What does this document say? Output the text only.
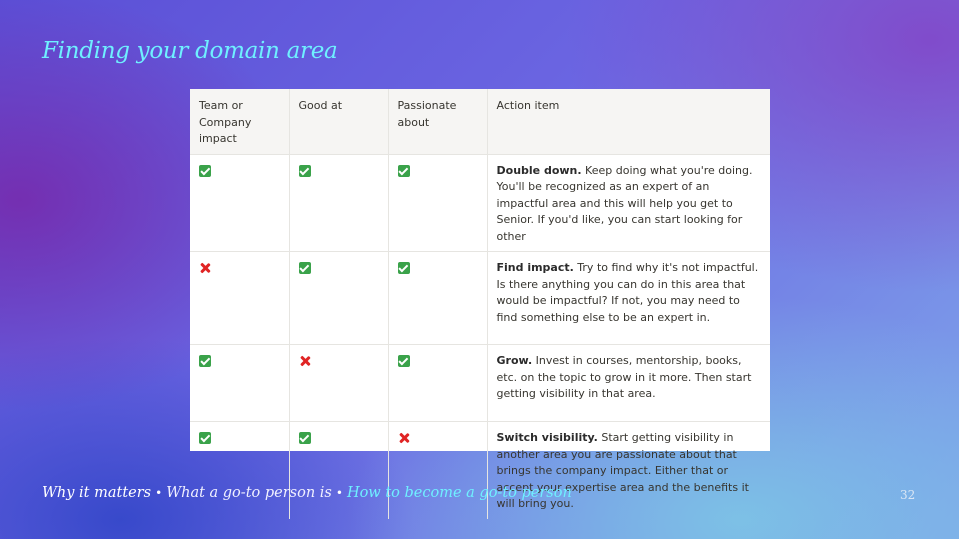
Finding your domain area
Team or Company impact	Good at	Passionate about	Action item
			Double down. Keep doing what you're doing. You'll be recognized as an expert of an impactful area and this will help you get to Senior. If you'd like, you can start looking for other
			Find impact. Try to find why it's not impactful. Is there anything you can do in this area that would be impactful? If not, you may need to find something else to be an expert in.
			Grow. Invest in courses, mentorship, books, etc. on the topic to grow in it more. Then start getting visibility in that area.
			Switch visibility. Start getting visibility in another area you are passionate about that brings the company impact. Either that or accept your expertise area and the benefits it will bring you.
Why it matters • What a go-to person is • How to become a go-to person	32
